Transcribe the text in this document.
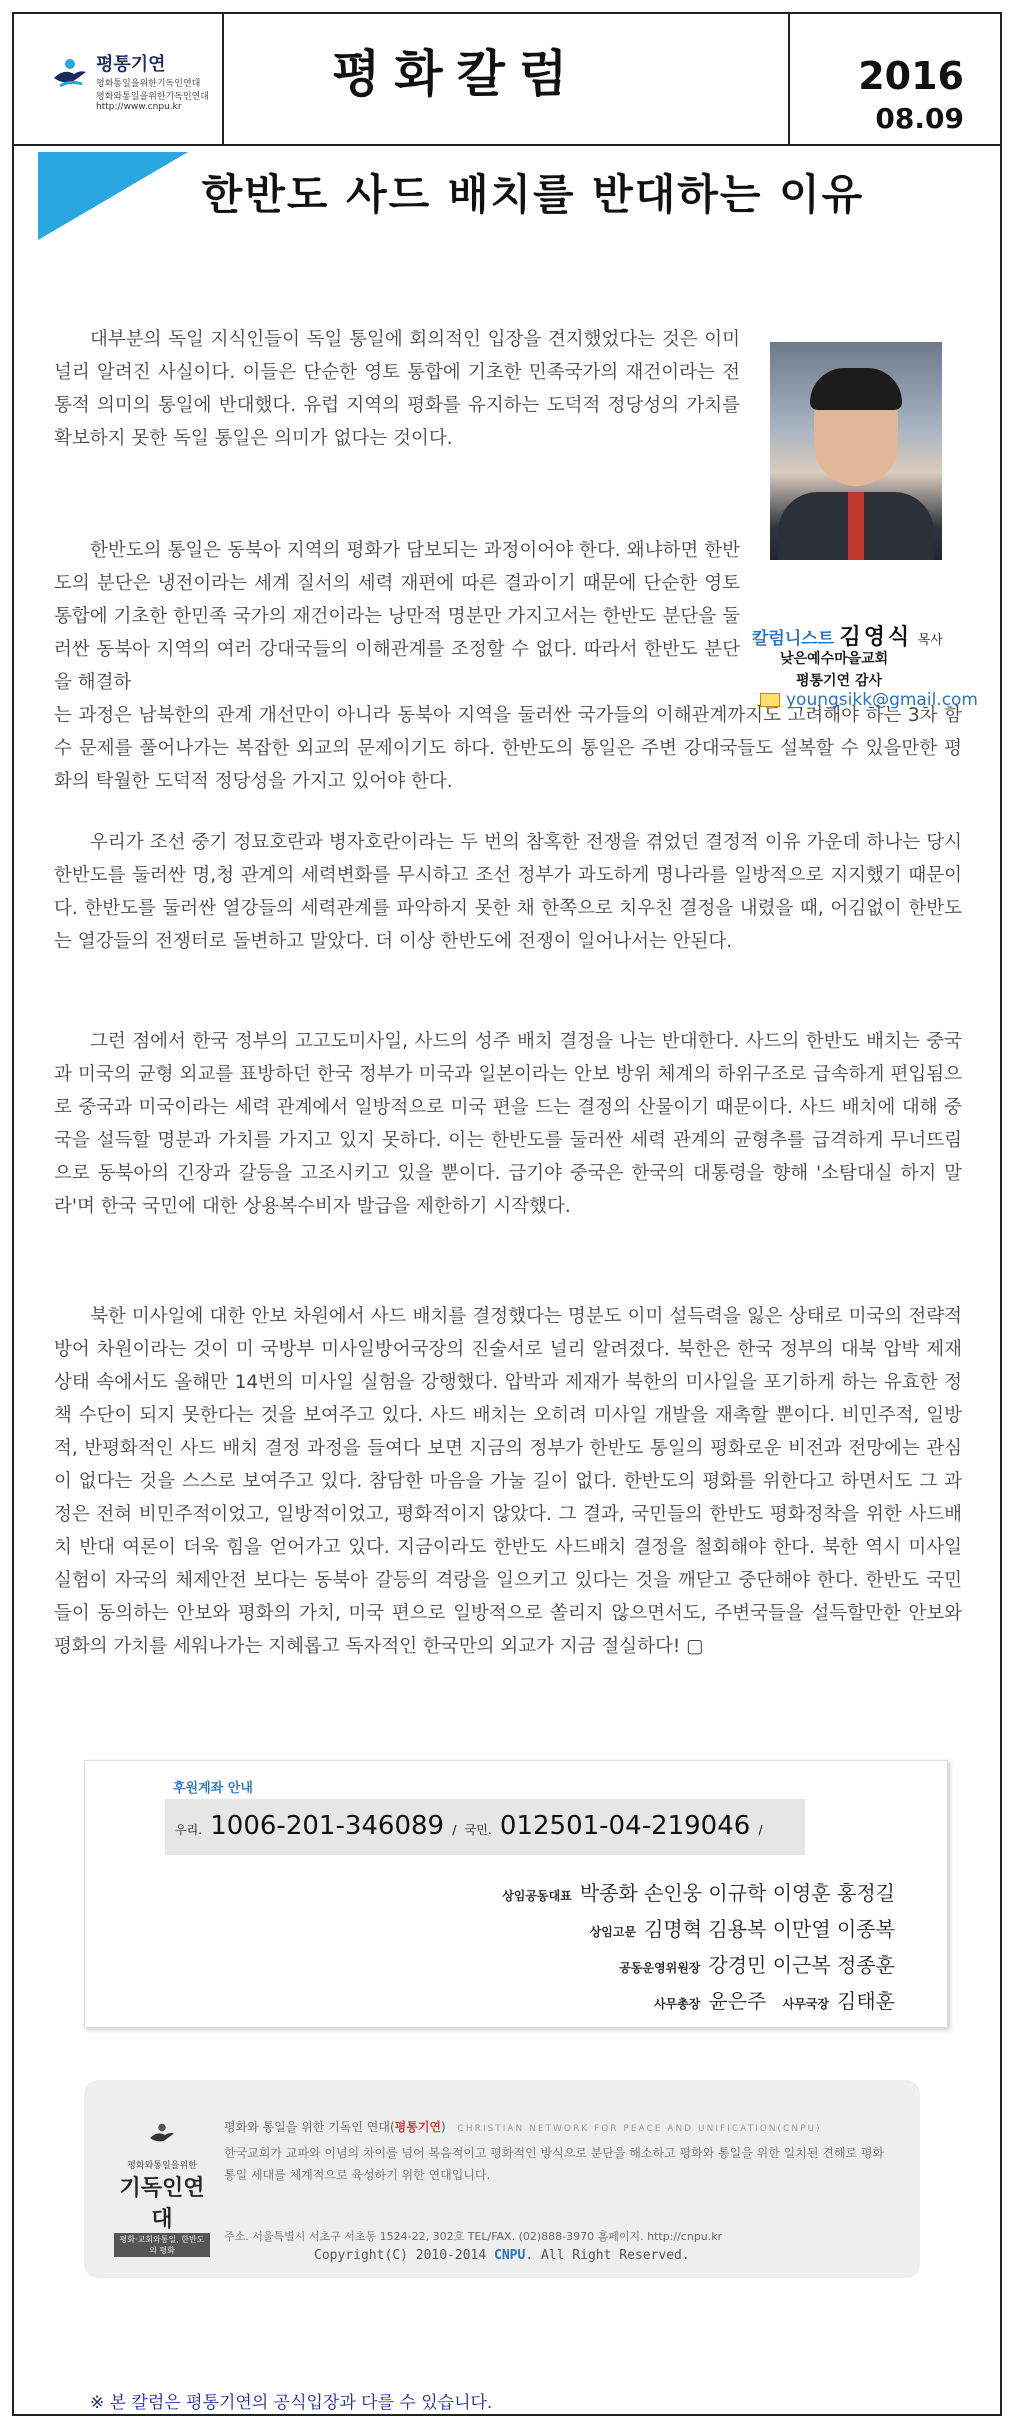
평통기연
평화통일을위한기독인연대
평화와통일을위한기독인연대
http://www.cnpu.kr
평화칼럼	2016
08.09
한반도 사드 배치를 반대하는 이유
칼럼니스트 김영식 목사
낮은예수마을교회
평통기연 감사
youngsikk@gmail.com

대부분의 독일 지식인들이 독일 통일에 회의적인 입장을 견지했었다는 것은 이미 널리 알려진 사실이다. 이들은 단순한 영토 통합에 기초한 민족국가의 재건이라는 전통적 의미의 통일에 반대했다. 유럽 지역의 평화를 유지하는 도덕적 정당성의 가치를 확보하지 못한 독일 통일은 의미가 없다는 것이다.

한반도의 통일은 동북아 지역의 평화가 담보되는 과정이어야 한다. 왜냐하면 한반도의 분단은 냉전이라는 세계 질서의 세력 재편에 따른 결과이기 때문에 단순한 영토 통합에 기초한 한민족 국가의 재건이라는 낭만적 명분만 가지고서는 한반도 분단을 둘러싼 동북아 지역의 여러 강대국들의 이해관계를 조정할 수 없다. 따라서 한반도 분단을 해결하

는 과정은 남북한의 관계 개선만이 아니라 동북아 지역을 둘러싼 국가들의 이해관계까지도 고려해야 하는 3차 함수 문제를 풀어나가는 복잡한 외교의 문제이기도 하다. 한반도의 통일은 주변 강대국들도 설복할 수 있을만한 평화의 탁월한 도덕적 정당성을 가지고 있어야 한다.

우리가 조선 중기 정묘호란과 병자호란이라는 두 번의 참혹한 전쟁을 겪었던 결정적 이유 가운데 하나는 당시 한반도를 둘러싼 명,청 관계의 세력변화를 무시하고 조선 정부가 과도하게 명나라를 일방적으로 지지했기 때문이다. 한반도를 둘러싼 열강들의 세력관계를 파악하지 못한 채 한쪽으로 치우친 결정을 내렸을 때, 어김없이 한반도는 열강들의 전쟁터로 돌변하고 말았다. 더 이상 한반도에 전쟁이 일어나서는 안된다.

그런 점에서 한국 정부의 고고도미사일, 사드의 성주 배치 결정을 나는 반대한다. 사드의 한반도 배치는 중국과 미국의 균형 외교를 표방하던 한국 정부가 미국과 일본이라는 안보 방위 체계의 하위구조로 급속하게 편입됨으로 중국과 미국이라는 세력 관계에서 일방적으로 미국 편을 드는 결정의 산물이기 때문이다. 사드 배치에 대해 중국을 설득할 명분과 가치를 가지고 있지 못하다. 이는 한반도를 둘러싼 세력 관계의 균형추를 급격하게 무너뜨림으로 동북아의 긴장과 갈등을 고조시키고 있을 뿐이다. 급기야 중국은 한국의 대통령을 향해 '소탐대실 하지 말라'며 한국 국민에 대한 상용복수비자 발급을 제한하기 시작했다.

북한 미사일에 대한 안보 차원에서 사드 배치를 결정했다는 명분도 이미 설득력을 잃은 상태로 미국의 전략적 방어 차원이라는 것이 미 국방부 미사일방어국장의 진술서로 널리 알려졌다. 북한은 한국 정부의 대북 압박 제재 상태 속에서도 올해만 14번의 미사일 실험을 강행했다. 압박과 제재가 북한의 미사일을 포기하게 하는 유효한 정책 수단이 되지 못한다는 것을 보여주고 있다. 사드 배치는 오히려 미사일 개발을 재촉할 뿐이다. 비민주적, 일방적, 반평화적인 사드 배치 결정 과정을 들여다 보면 지금의 정부가 한반도 통일의 평화로운 비전과 전망에는 관심이 없다는 것을 스스로 보여주고 있다. 참담한 마음을 가눌 길이 없다. 한반도의 평화를 위한다고 하면서도 그 과정은 전혀 비민주적이었고, 일방적이었고, 평화적이지 않았다. 그 결과, 국민들의 한반도 평화정착을 위한 사드배치 반대 여론이 더욱 힘을 얻어가고 있다. 지금이라도 한반도 사드배치 결정을 철회해야 한다. 북한 역시 미사일 실험이 자국의 체제안전 보다는 동북아 갈등의 격랑을 일으키고 있다는 것을 깨닫고 중단해야 한다. 한반도 국민들이 동의하는 안보와 평화의 가치, 미국 편으로 일방적으로 쏠리지 않으면서도, 주변국들을 설득할만한 안보와 평화의 가치를 세워나가는 지혜롭고 독자적인 한국만의 외교가 지금 절실하다! ▢

후원계좌 안내
우리. 1006-201-346089 / 국민. 012501-04-219046 /
상임공동대표 박종화 손인웅 이규학 이영훈 홍정길
상임고문 김명혁 김용복 이만열 이종복
공동운영위원장 강경민 이근복 정종훈
사무총장 윤은주 사무국장 김태훈
평화와통일을위한
기독인연대
평화·교회와통일, 한반도의 평화
평화와 통일을 위한 기독인 연대(평통기연) CHRISTIAN NETWORK FOR PEACE AND UNIFICATION(CNPU)
한국교회가 교파와 이념의 차이를 넘어 복음적이고 평화적인 방식으로 분단을 해소하고 평화와 통일을 위한 일치된 견해로 평화통일 세대를 체계적으로 육성하기 위한 연대입니다.
주소. 서울특별시 서초구 서초동 1524-22, 302호 TEL/FAX. (02)888-3970 홈페이지. http://cnpu.kr
Copyright(C) 2010-2014 CNPU. All Right Reserved.
※ 본 칼럼은 평통기연의 공식입장과 다를 수 있습니다.
